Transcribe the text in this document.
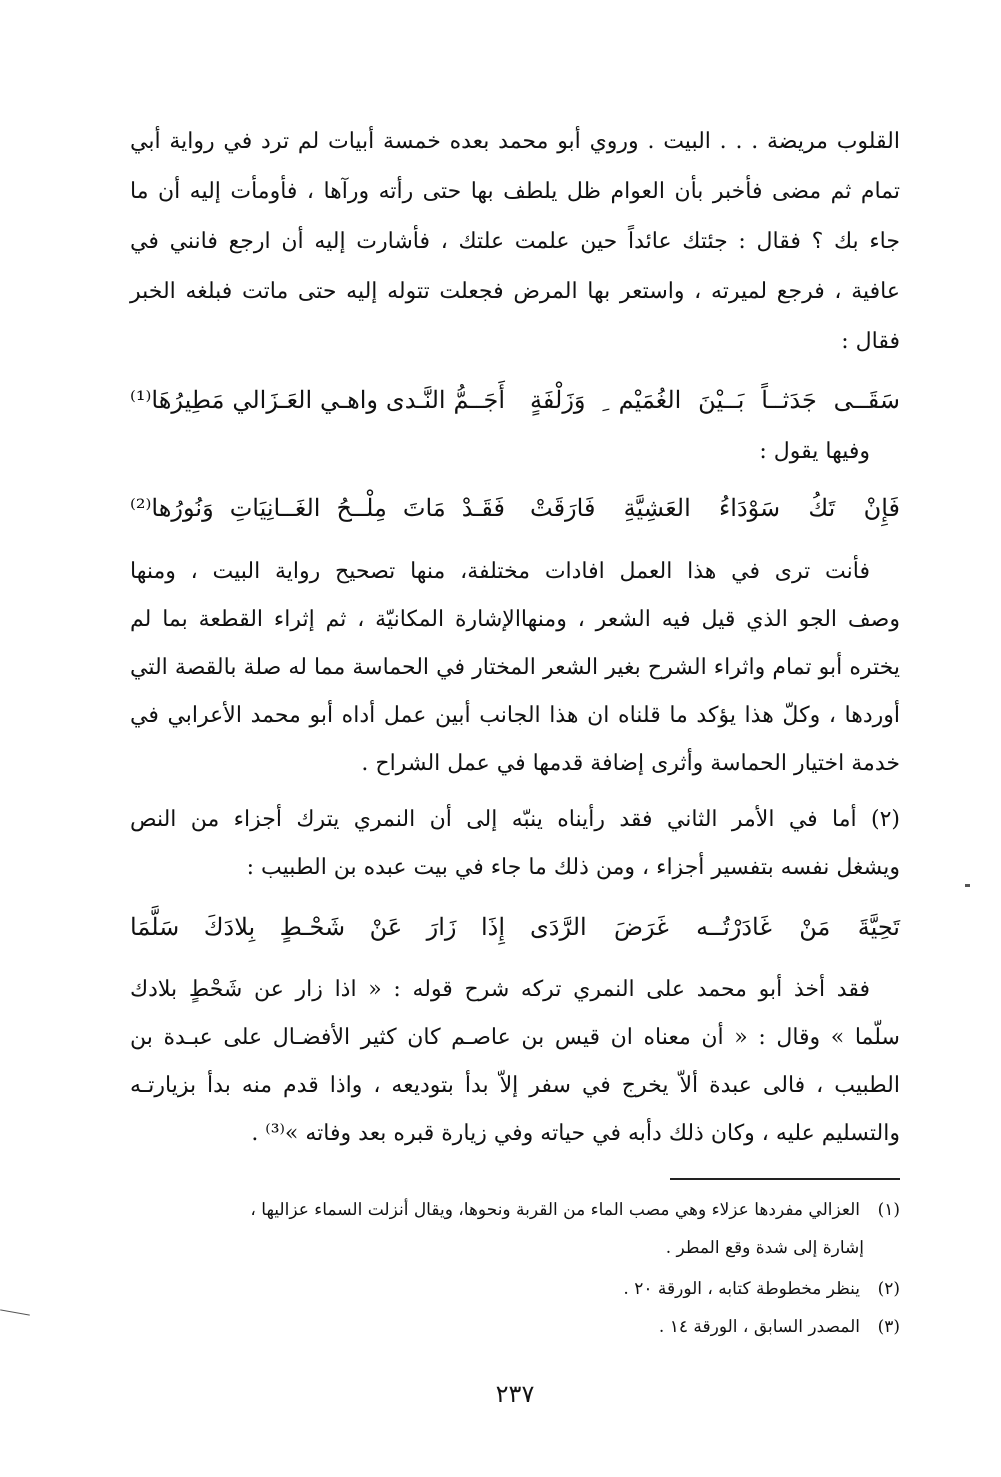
القلوب مريضة . . . البيت . وروي أبو محمد بعده خمسة أبيات لم ترد في رواية أبي
تمام ثم مضى فأخبر بأن العوام ظل يلطف بها حتى رأته ورآها ، فأومأت إليه أن ما
جاء بك ؟ فقال : جئتك عائداً حين علمت علتك ، فأشارت إليه أن ارجع فانني في
عافية ، فرجع لميرته ، واستعر بها المرض فجعلت تتوله إليه حتى ماتت فبلغه الخبر
فقال :
سَقَــى جَدَثــاً بَــيْنَ الغُمَيْم ِ وَزَلْفَةٍ
أَجَــمُّ النَّـدى واهـي العَـزَالي مَطِيرُهَا⁽¹⁾
وفيها يقول :
فَإِنْ تَكُ سَوْدَاءُ العَشِيَّةِ فَارَقَتْ
فَقَـدْ مَاتَ مِلْــحُ الغَــانِيَاتِ وَنُورُها⁽²⁾
فأنت ترى في هذا العمل افادات مختلفة، منها تصحيح رواية البيت ، ومنها
وصف الجو الذي قيل فيه الشعر ، ومنهاالإشارة المكانيّة ، ثم إثراء القطعة بما لم
يختره أبو تمام واثراء الشرح بغير الشعر المختار في الحماسة مما له صلة بالقصة التي
أوردها ، وكلّ هذا يؤكد ما قلناه ان هذا الجانب أبين عمل أداه أبو محمد الأعرابي في
خدمة اختيار الحماسة وأثرى إضافة قدمها في عمل الشراح .
(٢) أما في الأمر الثاني فقد رأيناه ينبّه إلى أن النمري يترك أجزاء من النص
ويشغل نفسه بتفسير أجزاء ، ومن ذلك ما جاء في بيت عبده بن الطبيب :
تَحِيَّةَ مَنْ غَادَرْتُــه غَرَضَ الرَّدَى
إِذَا زَارَ عَنْ شَحْـطٍ بِلادَكَ سَلَّمَا
فقد أخذ أبو محمد على النمري تركه شرح قوله : « اذا زار عن شَحْطٍ بلادك
سلّما » وقال : « أن معناه ان قيس بن عاصـم كان كثير الأفضـال على عبـدة بن
الطبيب ، فالى عبدة ألاّ يخرج في سفر إلاّ بدأ بتوديعه ، واذا قدم منه بدأ بزيارتـه
والتسليم عليه ، وكان ذلك دأبه في حياته وفي زيارة قبره بعد وفاته »⁽³⁾ .
(١)العزالي مفردها عزلاء وهي مصب الماء من القربة ونحوها، ويقال أنزلت السماء عزاليها ،
إشارة إلى شدة وقع المطر .
(٢)ينظر مخطوطة كتابه ، الورقة ٢٠ .
(٣)المصدر السابق ، الورقة ١٤ .
٢٣٧
